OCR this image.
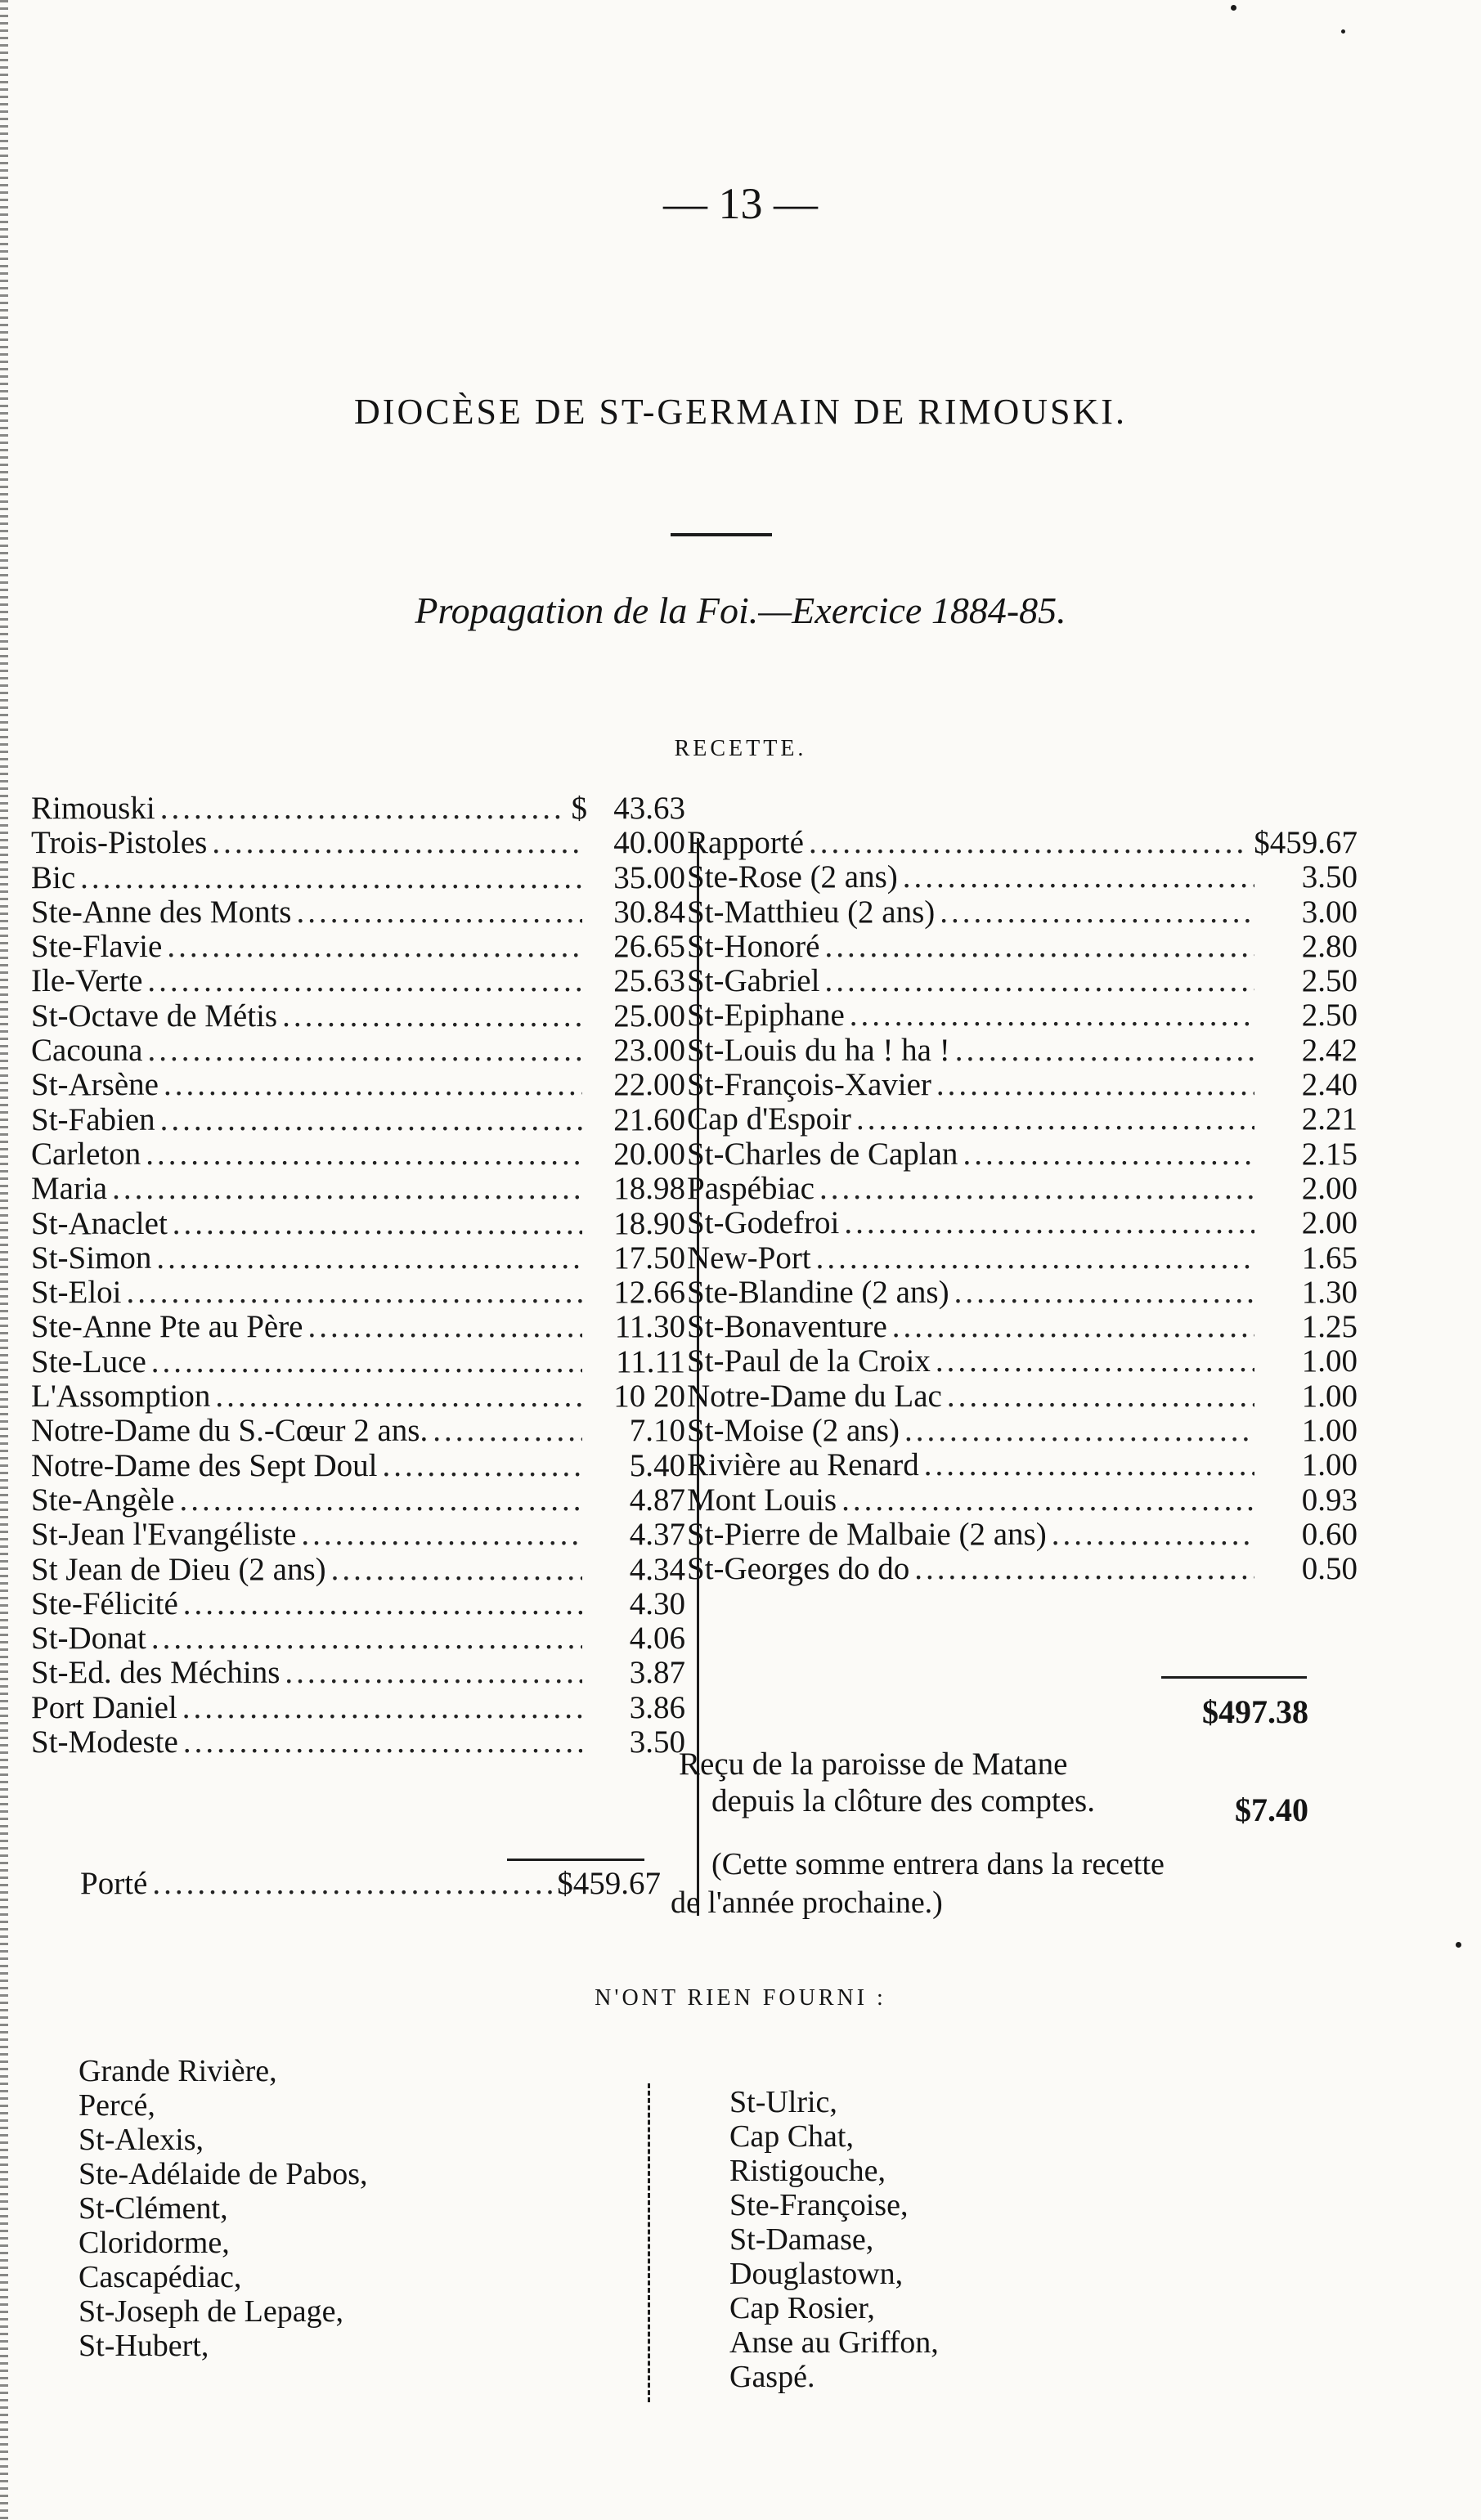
— 13 —
DIOCÈSE DE ST-GERMAIN DE RIMOUSKI.
Propagation de la Foi.—Exercice 1884-85.
RECETTE.
Rimouski .....	$ 43.63
Trois-Pistoles .....	40.00
Bic .....	35.00
Ste-Anne des Monts .....	30.84
Ste-Flavie .....	26.65
Ile-Verte .....	25.63
St-Octave de Métis .....	25.00
Cacouna .....	23.00
St-Arsène .....	22.00
St-Fabien .....	21.60
Carleton .....	20.00
Maria .....	18.98
St-Anaclet .....	18.90
St-Simon .....	17.50
St-Eloi .....	12.66
Ste-Anne Pte au Père .....	11.30
Ste-Luce .....	11.11
L'Assomption .....	10 20
Notre-Dame du S.-Cœur 2 ans. .....	7.10
Notre-Dame des Sept Doul .....	5.40
Ste-Angèle .....	4.87
St-Jean l'Evangéliste .....	4.37
St Jean de Dieu (2 ans) .....	4.34
Ste-Félicité .....	4.30
St-Donat .....	4.06
St-Ed. des Méchins .....	3.87
Port Daniel .....	3.86
St-Modeste .....	3.50
Rapporté .....	$459.67
Ste-Rose (2 ans) .....	3.50
St-Matthieu (2 ans) .....	3.00
St-Honoré .....	2.80
St-Gabriel .....	2.50
St-Epiphane .....	2.50
St-Louis du ha ! ha ! .....	2.42
St-François-Xavier .....	2.40
Cap d'Espoir .....	2.21
St-Charles de Caplan .....	2.15
Paspébiac .....	2.00
St-Godefroi .....	2.00
New-Port .....	1.65
Ste-Blandine (2 ans) .....	1.30
St-Bonaventure .....	1.25
St-Paul de la Croix .....	1.00
Notre-Dame du Lac .....	1.00
St-Moise (2 ans) .....	1.00
Rivière au Renard .....	1.00
Mont Louis .....	0.93
St-Pierre de Malbaie (2 ans) .....	0.60
St-Georges do do .....	0.50
Porté .....	$459.67
$497.38
Reçu de la paroisse de Matane
depuis la clôture des comptes.	$7.40
(Cette somme entrera dans la recette
de l'année prochaine.)
N'ONT RIEN FOURNI :
Grande Rivière,
Percé,
St-Alexis,
Ste-Adélaide de Pabos,
St-Clément,
Cloridorme,
Cascapédiac,
St-Joseph de Lepage,
St-Hubert,
St-Ulric,
Cap Chat,
Ristigouche,
Ste-Françoise,
St-Damase,
Douglastown,
Cap Rosier,
Anse au Griffon,
Gaspé.
